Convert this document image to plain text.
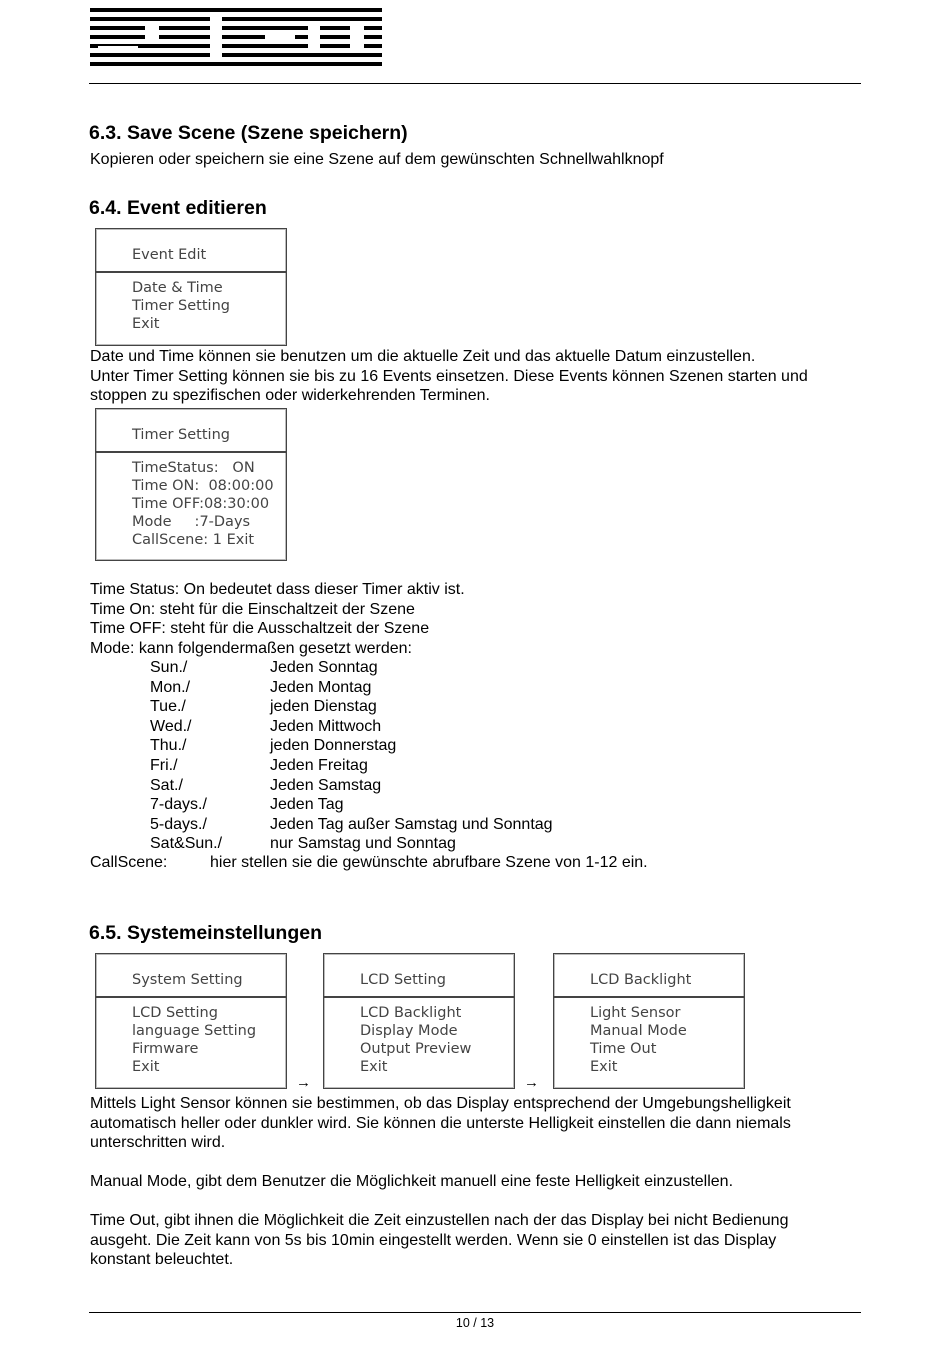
6.3. Save Scene (Szene speichern)
Kopieren oder speichern sie eine Szene auf dem gewünschten Schnellwahlknopf
6.4. Event editieren
Event Edit
Date & Time
Timer Setting
Exit
Date und Time können sie benutzen um die aktuelle Zeit und das aktuelle Datum einzustellen.
Unter Timer Setting können sie bis zu 16 Events einsetzen. Diese Events können Szenen starten und
stoppen zu spezifischen oder widerkehrenden Terminen.
Timer Setting
TimeStatus:   ON
Time ON:  08:00:00
Time OFF:08:30:00
Mode     :7-Days
CallScene: 1 Exit
Time Status: On bedeutet dass dieser Timer aktiv ist.
Time On: steht für die Einschaltzeit der Szene
Time OFF: steht für die Ausschaltzeit der Szene
Mode: kann folgendermaßen gesetzt werden:
Sun./	Jeden Sonntag
Mon./	Jeden Montag
Tue./	jeden Dienstag
Wed./	Jeden Mittwoch
Thu./	jeden Donnerstag
Fri./	Jeden Freitag
Sat./	Jeden Samstag
7-days./	Jeden Tag
5-days./	Jeden Tag außer Samstag und Sonntag
Sat&Sun./	nur Samstag und Sonntag
CallScene:	hier stellen sie die gewünschte abrufbare Szene von 1-12 ein.
6.5. Systemeinstellungen
System Setting
LCD Setting
language Setting
Firmware
Exit
→
LCD Setting
LCD Backlight
Display Mode
Output Preview
Exit
→
LCD Backlight
Light Sensor
Manual Mode
Time Out
Exit
Mittels Light Sensor können sie bestimmen, ob das Display entsprechend der Umgebungshelligkeit
automatisch heller oder dunkler wird. Sie können die unterste Helligkeit einstellen die dann niemals
unterschritten wird.
Manual Mode, gibt dem Benutzer die Möglichkeit manuell eine feste Helligkeit einzustellen.
Time Out, gibt ihnen die Möglichkeit die Zeit einzustellen nach der das Display bei nicht Bedienung
ausgeht. Die Zeit kann von 5s bis 10min eingestellt werden. Wenn sie 0 einstellen ist das Display
konstant beleuchtet.
10 / 13
